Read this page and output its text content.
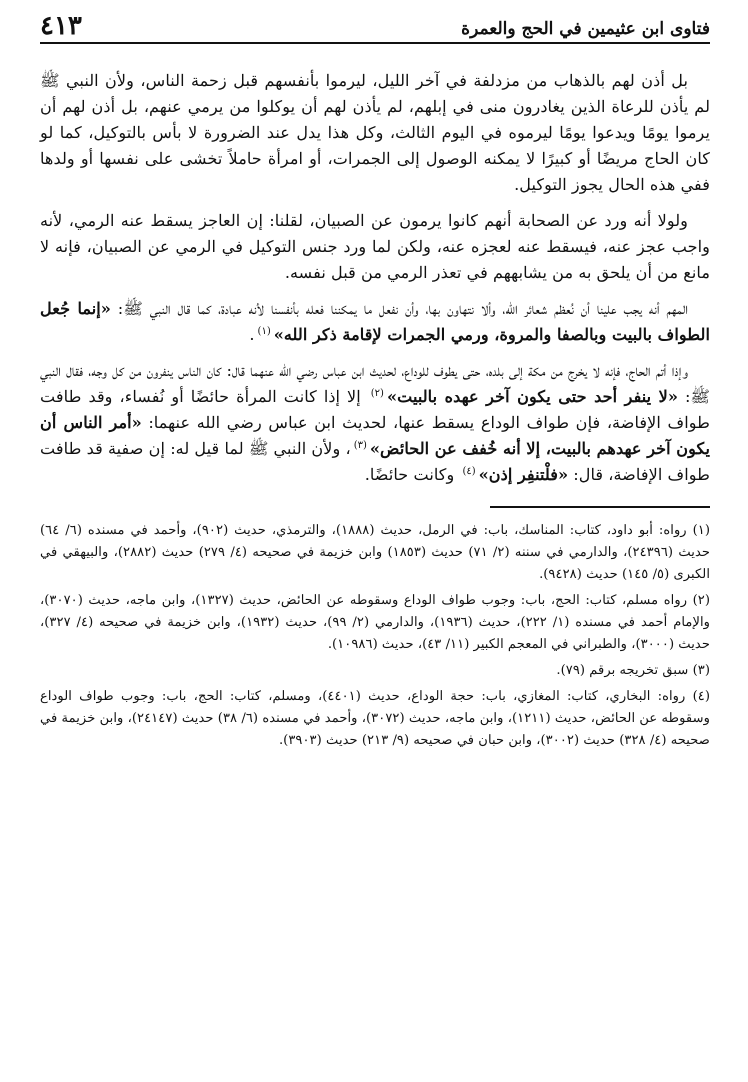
فتاوى ابن عثيمين في الحج والعمرة
٤١٣

بل أذن لهم بالذهاب من مزدلفة في آخر الليل، ليرموا بأنفسهم قبل زحمة الناس، ولأن النبي ﷺ لم يأذن للرعاة الذين يغادرون منى في إبلهم، لم يأذن لهم أن يوكلوا من يرمي عنهم، بل أذن لهم أن يرموا يومًا ويدعوا يومًا ليرموه في اليوم الثالث، وكل هذا يدل عند الضرورة لا بأس بالتوكيل، كما لو كان الحاج مريضًا أو كبيرًا لا يمكنه الوصول إلى الجمرات، أو امرأة حاملاً تخشى على نفسها أو ولدها ففي هذه الحال يجوز التوكيل.

ولولا أنه ورد عن الصحابة أنهم كانوا يرمون عن الصبيان، لقلنا: إن العاجز يسقط عنه الرمي، لأنه واجب عجز عنه، فيسقط عنه لعجزه عنه، ولكن لما ورد جنس التوكيل في الرمي عن الصبيان، فإنه لا مانع من أن يلحق به من يشابههم في تعذر الرمي من قبل نفسه.

المهم أنه يجب علينا أن نُعظم شعائر الله، وألا نتهاون بها، وأن نفعل ما يمكننا فعله بأنفسنا لأنه عبادة، كما قال النبي ﷺ: «إنما جُعل الطواف بالبيت وبالصفا والمروة، ورمي الجمرات لإقامة ذكر الله»$^{(١)}$.

وإذا أتم الحاج، فإنه لا يخرج من مكة إلى بلده، حتى يطوف للوداع، لحديث ابن عباس رضي الله عنهما قال: كان الناس ينفرون من كل وجه، فقال النبي ﷺ: «لا ينفر أحد حتى يكون آخر عهده بالبيت»$^{(٢)}$ إلا إذا كانت المرأة حائضًا أو نُفساء، وقد طافت طواف الإفاضة، فإن طواف الوداع يسقط عنها، لحديث ابن عباس رضي الله عنهما: «أمر الناس أن يكون آخر عهدهم بالبيت، إلا أنه خُفف عن الحائض»$^{(٣)}$، ولأن النبي ﷺ لما قيل له: إن صفية قد طافت طواف الإفاضة، قال: «فلْتنفِر إذن»$^{(٤)}$ وكانت حائضًا.

(١) رواه: أبو داود، كتاب: المناسك، باب: في الرمل، حديث (١٨٨٨)، والترمذي، حديث (٩٠٢)، وأحمد في مسنده (٦/ ٦٤) حديث (٢٤٣٩٦)، والدارمي في سننه (٢/ ٧١) حديث (١٨٥٣) وابن خزيمة في صحيحه (٤/ ٢٧٩) حديث (٢٨٨٢)، والبيهقي في الكبرى (٥/ ١٤٥) حديث (٩٤٢٨).
(٢) رواه مسلم، كتاب: الحج، باب: وجوب طواف الوداع وسقوطه عن الحائض، حديث (١٣٢٧)، وابن ماجه، حديث (٣٠٧٠)، والإمام أحمد في مسنده (١/ ٢٢٢)، حديث (١٩٣٦)، والدارمي (٢/ ٩٩)، حديث (١٩٣٢)، وابن خزيمة في صحيحه (٤/ ٣٢٧)، حديث (٣٠٠٠)، والطبراني في المعجم الكبير (١١/ ٤٣)، حديث (١٠٩٨٦).
(٣) سبق تخريجه برقم (٧٩).
(٤) رواه: البخاري، كتاب: المغازي، باب: حجة الوداع، حديث (٤٤٠١)، ومسلم، كتاب: الحج، باب: وجوب طواف الوداع وسقوطه عن الحائض، حديث (١٢١١)، وابن ماجه، حديث (٣٠٧٢)، وأحمد في مسنده (٦/ ٣٨) حديث (٢٤١٤٧)، وابن خزيمة في صحيحه (٤/ ٣٢٨) حديث (٣٠٠٢)، وابن حبان في صحيحه (٩/ ٢١٣) حديث (٣٩٠٣).
